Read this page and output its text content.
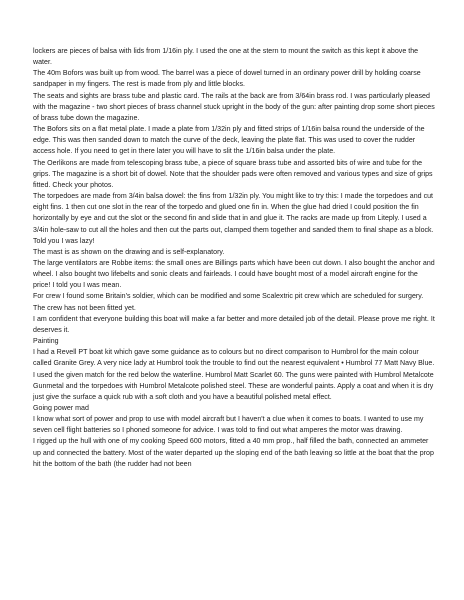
lockers are pieces of balsa with lids from 1/16in ply. I used the one at the stern to mount the switch as this kept it above the water.

The 40m Bofors was built up from wood. The barrel was a piece of dowel turned in an ordinary power drill by holding coarse sandpaper in my fingers. The rest is made from ply and little blocks.

The seats and sights are brass tube and plastic card. The rails at the back are from 3/64in brass rod. I was particularly pleased with the magazine - two short pieces of brass channel stuck upright in the body of the gun: after painting drop some short pieces of brass tube down the magazine.

The Bofors sits on a flat metal plate. I made a plate from 1/32in ply and fitted strips of 1/16in balsa round the underside of the edge. This was then sanded down to match the curve of the deck, leaving the plate flat. This was used to cover the rudder access hole. If you need to get in there later you will have to slit the 1/16in balsa under the plate.

The Oerlikons are made from telescoping brass tube, a piece of square brass tube and assorted bits of wire and tube for the grips. The magazine is a short bit of dowel. Note that the shoulder pads were often removed and various types and size of grips fitted. Check your photos.

The torpedoes are made from 3/4in balsa dowel: the fins from 1/32in ply. You might like to try this: I made the torpedoes and cut eight fins. 1 then cut one slot in the rear of the torpedo and glued one fin in. When the glue had dried I could position the fin horizontally by eye and cut the slot or the second fin and slide that in and glue it. The racks are made up from Liteply. I used a 3/4in hole-saw to cut all the holes and then cut the parts out, clamped them together and sanded them to final shape as a block. Told you I was lazy!

The mast is as shown on the drawing and is self-explanatory.

The large ventilators are Robbe items: the small ones are Billings parts which have been cut down. I also bought the anchor and wheel. I also bought two lifebelts and sonic cleats and fairleads. I could have bought most of a model aircraft engine for the price! I told you I was mean.

For crew I found some Britain's soldier, which can be modified and some Scalextric pit crew which are scheduled for surgery. The crew has not been fitted yet.

I am confident that everyone building this boat will make a far better and more detailed job of the detail. Please prove me right. It deserves it.

Painting

I had a Revell PT boat kit which gave some guidance as to colours but no direct comparison to Humbrol for the main colour called Granite Grey. A very nice lady at Humbrol took the trouble to find out the nearest equivalent • Humbrol 77 Matt Navy Blue. I used the given match for the red below the waterline. Humbrol Matt Scarlet 60. The guns were painted with Humbrol Metalcote Gunmetal and the torpedoes with Humbrol Metalcote polished steel. These are wonderful paints. Apply a coat and when it is dry just give the surface a quick rub with a soft cloth and you have a beautiful polished metal effect.

Going power mad

I know what sort of power and prop to use with model aircraft but I haven't a clue when it comes to boats. I wanted to use my seven cell flight batteries so I phoned someone for advice. I was told to find out what amperes the motor was drawing.

I rigged up the hull with one of my cooking Speed 600 motors, fitted a 40 mm prop., half filled the bath, connected an ammeter up and connected the battery. Most of the water departed up the sloping end of the bath leaving so little at the boat that the prop hit the bottom of the bath (the rudder had not been
